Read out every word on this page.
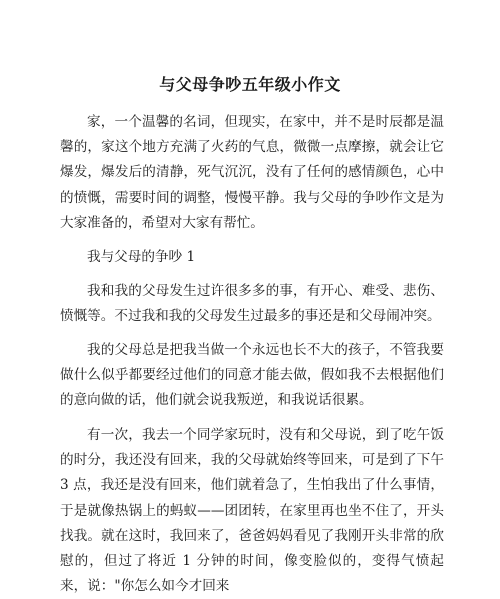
与父母争吵五年级小作文

家，一个温馨的名词，但现实，在家中，并不是时辰都是温馨的，家这个地方充满了火药的气息，微微一点摩擦，就会让它爆发，爆发后的清静，死气沉沉，没有了任何的感情颜色，心中的愤慨，需要时间的调整，慢慢平静。我与父母的争吵作文是为大家准备的，希望对大家有帮忙。

我与父母的争吵 1

我和我的父母发生过许很多多的事，有开心、难受、悲伤、愤慨等。不过我和我的父母发生过最多的事还是和父母闹冲突。

我的父母总是把我当做一个永远也长不大的孩子，不管我要做什么似乎都要经过他们的同意才能去做，假如我不去根据他们的意向做的话，他们就会说我叛逆，和我说话很累。

有一次，我去一个同学家玩时，没有和父母说，到了吃午饭的时分，我还没有回来，我的父母就始终等回来，可是到了下午 3 点，我还是没有回来，他们就着急了，生怕我出了什么事情，于是就像热锅上的蚂蚁——团团转，在家里再也坐不住了，开头找我。就在这时，我回来了，爸爸妈妈看见了我刚开头非常的欣慰的，但过了将近 1 分钟的时间，像变脸似的，变得气愤起来，说："你怎么如今才回来
